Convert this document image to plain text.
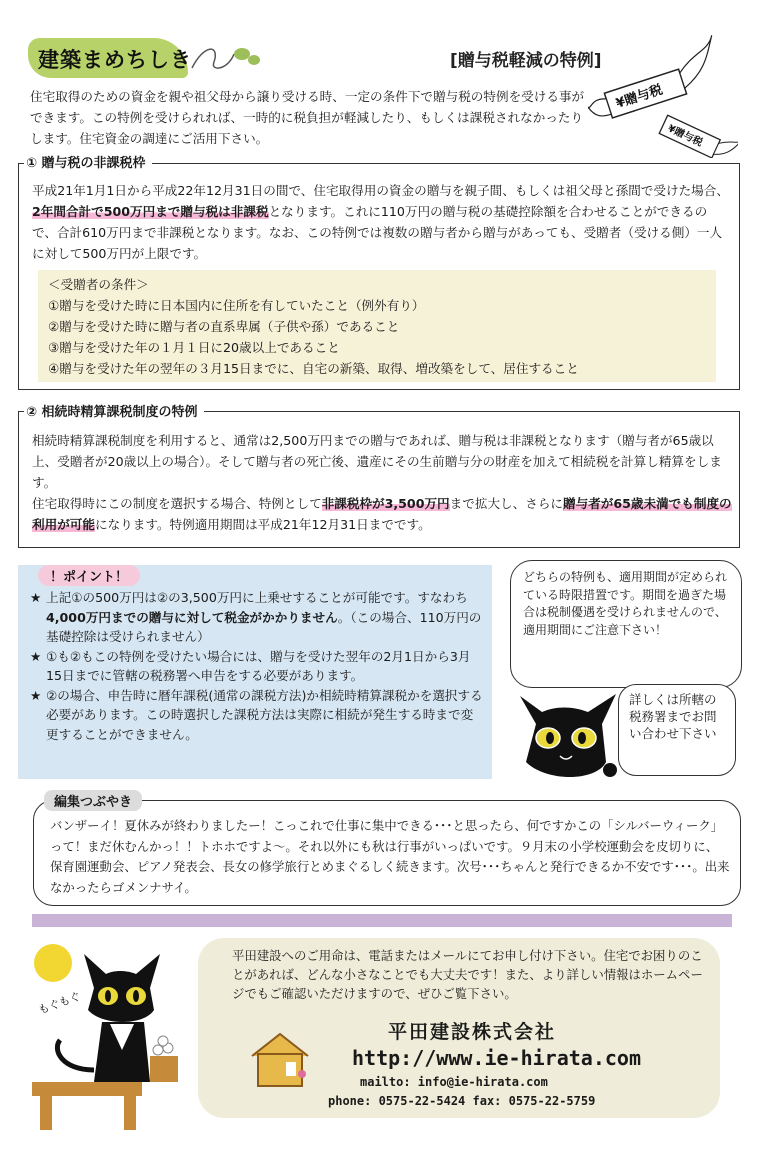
建築まめちしき	[贈与税軽減の特例]
¥贈与税
¥贈与税
住宅取得のための資金を親や祖父母から譲り受ける時、一定の条件下で贈与税の特例を受ける事ができます。この特例を受けられれば、一時的に税負担が軽減したり、もしくは課税されなかったりします。住宅資金の調達にご活用下さい。
① 贈与税の非課税枠
平成21年1月1日から平成22年12月31日の間で、住宅取得用の資金の贈与を親子間、もしくは祖父母と孫間で受けた場合、2年間合計で500万円まで贈与税は非課税となります。これに110万円の贈与税の基礎控除額を合わせることができるので、合計610万円まで非課税となります。なお、この特例では複数の贈与者から贈与があっても、受贈者（受ける側）一人に対して500万円が上限です。
＜受贈者の条件＞
①贈与を受けた時に日本国内に住所を有していたこと（例外有り）
②贈与を受けた時に贈与者の直系卑属（子供や孫）であること
③贈与を受けた年の１月１日に20歳以上であること
④贈与を受けた年の翌年の３月15日までに、自宅の新築、取得、増改築をして、居住すること
② 相続時精算課税制度の特例
相続時精算課税制度を利用すると、通常は2,500万円までの贈与であれば、贈与税は非課税となります（贈与者が65歳以上、受贈者が20歳以上の場合）。そして贈与者の死亡後、遺産にその生前贈与分の財産を加えて相続税を計算し精算をします。
住宅取得時にこの制度を選択する場合、特例として非課税枠が3,500万円まで拡大し、さらに贈与者が65歳未満でも制度の利用が可能になります。特例適用期間は平成21年12月31日までです。
！ポイント！
★ 上記①の500万円は②の3,500万円に上乗せすることが可能です。すなわち4,000万円までの贈与に対して税金がかかりません。（この場合、110万円の基礎控除は受けられません）
★ ①も②もこの特例を受けたい場合には、贈与を受けた翌年の2月1日から3月15日までに管轄の税務署へ申告をする必要があります。
★ ②の場合、申告時に暦年課税(通常の課税方法)か相続時精算課税かを選択する必要があります。この時選択した課税方法は実際に相続が発生する時まで変更することができません。
どちらの特例も、適用期間が定められている時限措置です。期間を過ぎた場合は税制優遇を受けられませんので、適用期間にご注意下さい！
詳しくは所轄の税務署までお問い合わせ下さい
編集つぶやき
バンザーイ！夏休みが終わりましたー！こっこれで仕事に集中できる･･･と思ったら、何ですかこの「シルバーウィーク」って！まだ休むんかっ！！トホホですよ～。それ以外にも秋は行事がいっぱいです。９月末の小学校運動会を皮切りに、保育園運動会、ピアノ発表会、長女の修学旅行とめまぐるしく続きます。次号･･･ちゃんと発行できるか不安です･･･。出来なかったらゴメンナサイ。
もぐもぐ
平田建設へのご用命は、電話またはメールにてお申し付け下さい。住宅でお困りのことがあれば、どんな小さなことでも大丈夫です！また、より詳しい情報はホームページでもご確認いただけますので、ぜひご覧下さい。
平田建設株式会社
http://www.ie-hirata.com
mailto: info@ie-hirata.com
phone: 0575-22-5424 fax: 0575-22-5759
